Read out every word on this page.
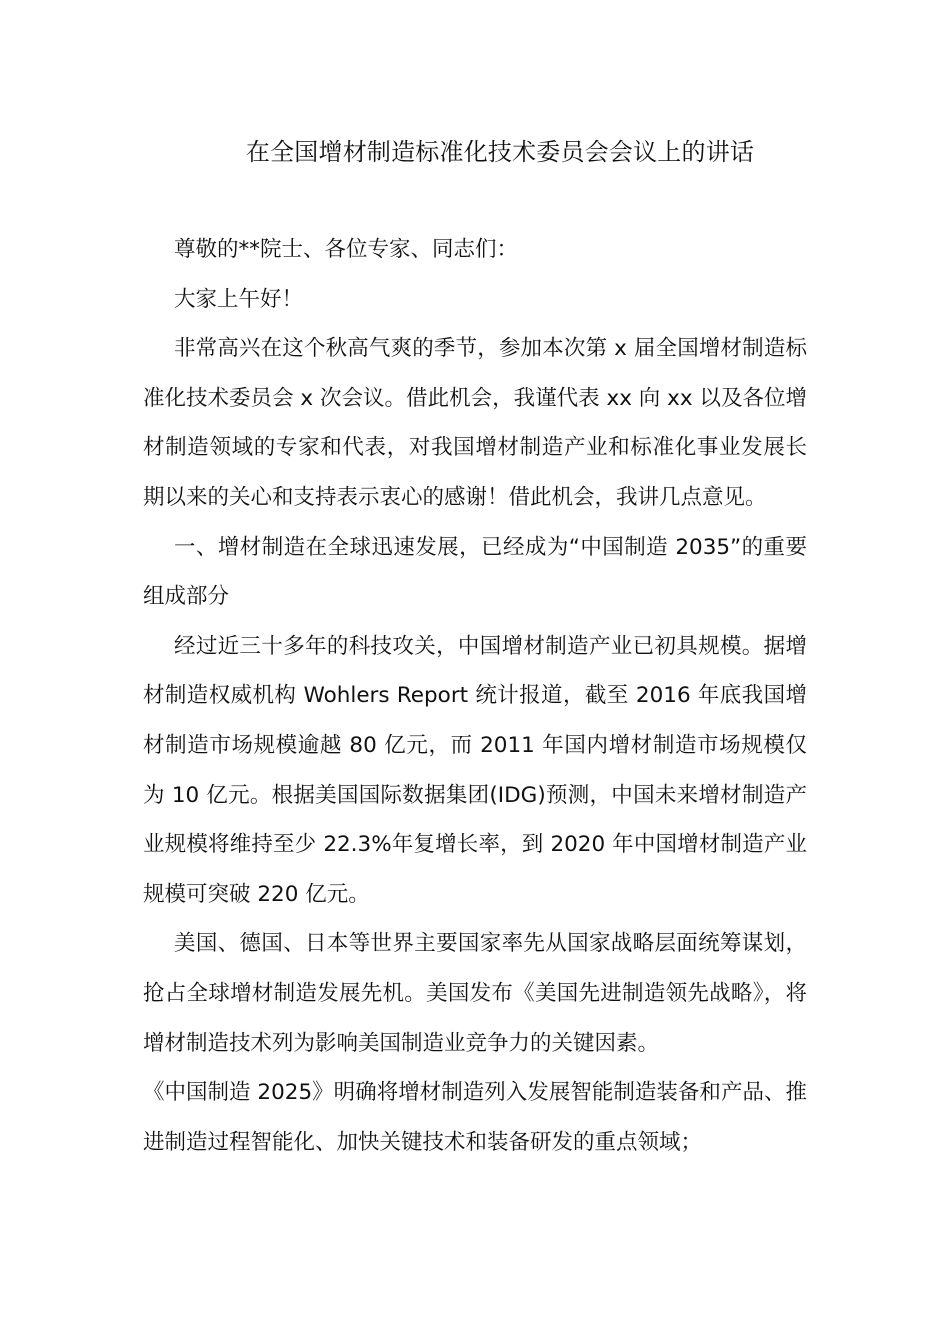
在全国增材制造标准化技术委员会会议上的讲话

尊敬的**院士、各位专家、同志们：

大家上午好！

非常高兴在这个秋高气爽的季节，参加本次第 x 届全国增材制造标准化技术委员会 x 次会议。借此机会，我谨代表 xx 向 xx 以及各位增材制造领域的专家和代表，对我国增材制造产业和标准化事业发展长期以来的关心和支持表示衷心的感谢！借此机会，我讲几点意见。

一、增材制造在全球迅速发展，已经成为“中国制造 2035”的重要组成部分

经过近三十多年的科技攻关，中国增材制造产业已初具规模。据增材制造权威机构 Wohlers Report 统计报道，截至 2016 年底我国增材制造市场规模逾越 80 亿元，而 2011 年国内增材制造市场规模仅为 10 亿元。根据美国国际数据集团(IDG)预测，中国未来增材制造产业规模将维持至少 22.3%年复增长率，到 2020 年中国增材制造产业规模可突破 220 亿元。

美国、德国、日本等世界主要国家率先从国家战略层面统筹谋划，抢占全球增材制造发展先机。美国发布《美国先进制造领先战略》，将增材制造技术列为影响美国制造业竞争力的关键因素。

《中国制造 2025》明确将增材制造列入发展智能制造装备和产品、推进制造过程智能化、加快关键技术和装备研发的重点领域；
